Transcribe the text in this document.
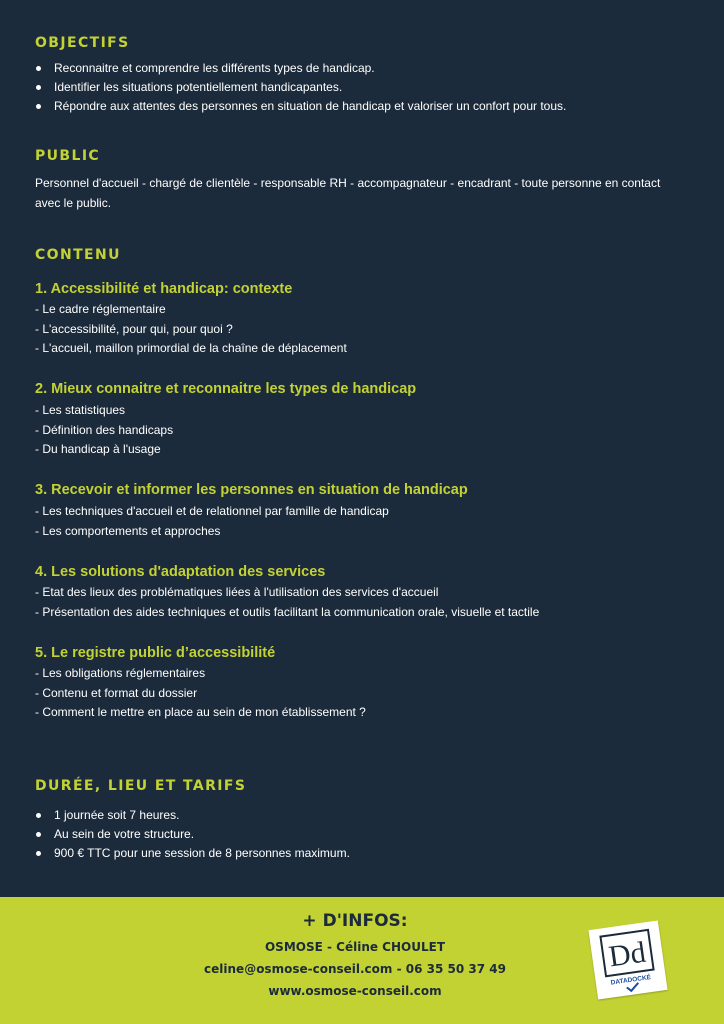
OBJECTIFS
Reconnaitre et comprendre les différents types de handicap.
Identifier les situations potentiellement handicapantes.
Répondre aux attentes des personnes en situation de handicap et valoriser un confort pour tous.
PUBLIC

Personnel d'accueil - chargé de clientèle - responsable RH - accompagnateur - encadrant - toute personne en contact avec le public.

CONTENU
1. Accessibilité et handicap: contexte
- Le cadre réglementaire
- L'accessibilité, pour qui, pour quoi ?
- L'accueil, maillon primordial de la chaîne de déplacement
2. Mieux connaitre et reconnaitre les types de handicap
- Les statistiques
- Définition des handicaps
- Du handicap à l'usage
3. Recevoir et informer les personnes en situation de handicap
- Les techniques d'accueil et de relationnel par famille de handicap
- Les comportements et approches
4. Les solutions d'adaptation des services
- Etat des lieux des problématiques liées à l'utilisation des services d'accueil
- Présentation des aides techniques et outils facilitant la communication orale, visuelle et tactile
5. Le registre public d’accessibilité
- Les obligations réglementaires
- Contenu et format du dossier
- Comment le mettre en place au sein de mon établissement ?
DURÉE, LIEU ET TARIFS
1 journée soit 7 heures.
Au sein de votre structure.
900 € TTC pour une session de 8 personnes maximum.

+ D'INFOS:

OSMOSE - Céline CHOULET

celine@osmose-conseil.com - 06 35 50 37 49

www.osmose-conseil.com

Dd
DATADOCKÉ
